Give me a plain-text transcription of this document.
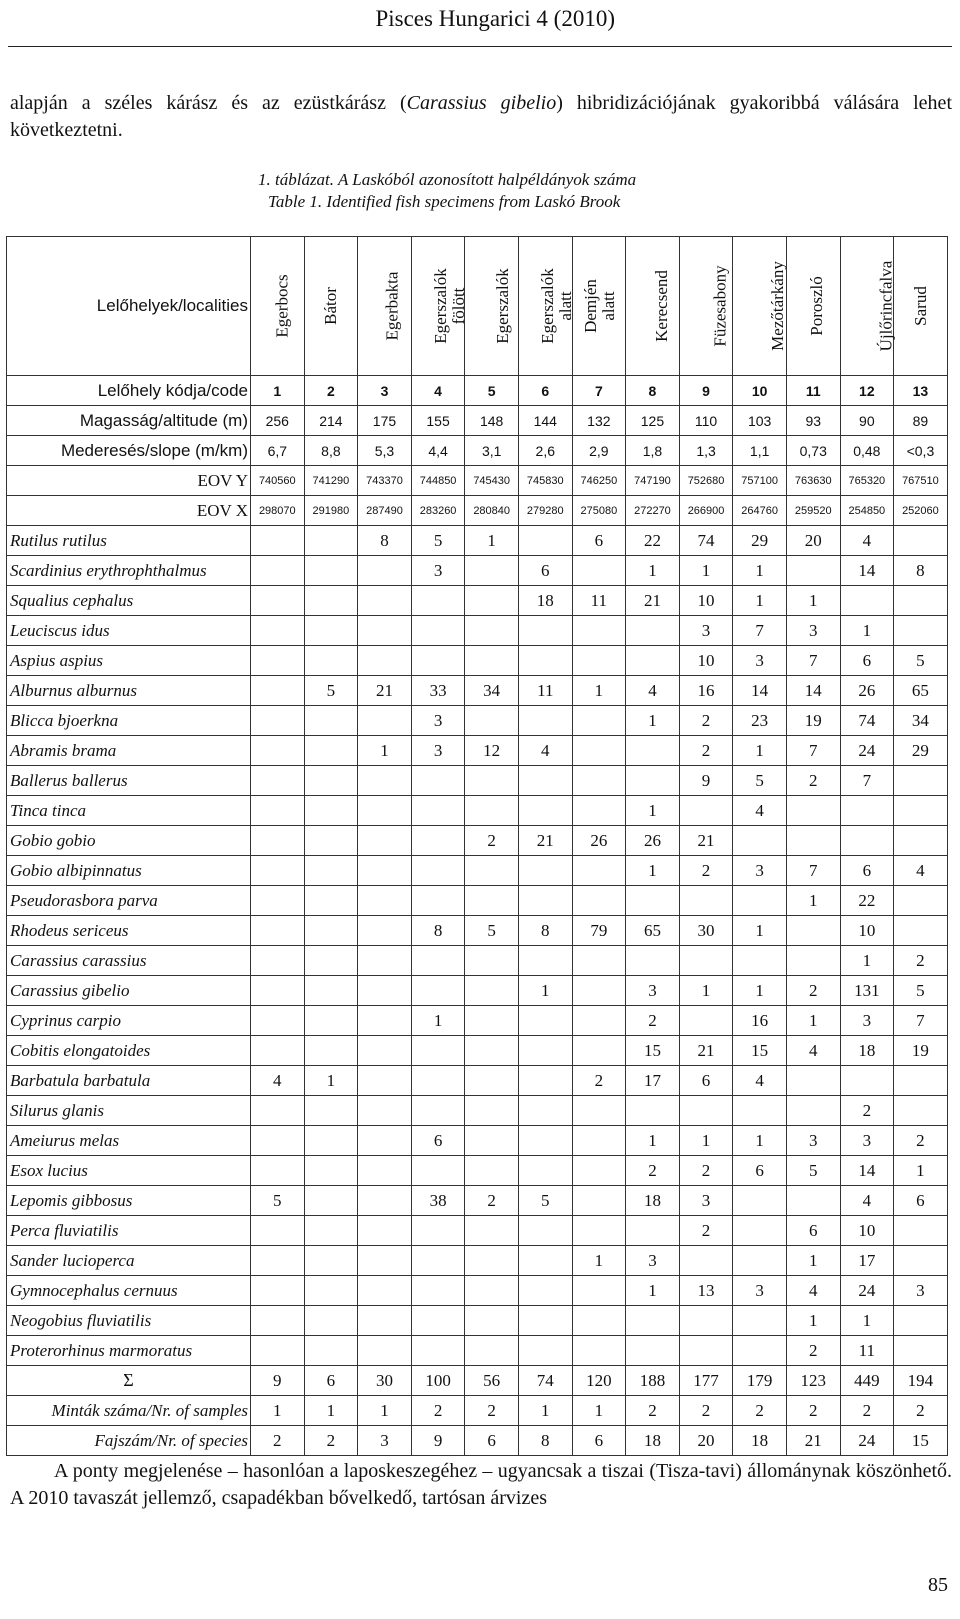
Pisces Hungarici 4 (2010)

alapján a széles kárász és az ezüstkárász (Carassius gibelio) hibridizációjának gyakoribbá válására lehet következtetni.

1. táblázat. A Laskóból azonosított halpéldányok száma
Table 1. Identified fish specimens from Laskó Brook
Lelőhelyek/localities	Egerbocs	Bátor	Egerbakta	Egerszalók fölött	Egerszalók	Egerszalók alatt	Demjén alatt	Kerecsend	Füzesabony	Mezőtárkány	Poroszló	Újlőrincfalva	Sarud

Lelőhely kódja/code	1	2	3	4	5	6	7	8	9	10	11	12	13
Magasság/altitude (m)	256	214	175	155	148	144	132	125	110	103	93	90	89
Mederesés/slope (m/km)	6,7	8,8	5,3	4,4	3,1	2,6	2,9	1,8	1,3	1,1	0,73	0,48	<0,3
EOV Y	740560	741290	743370	744850	745430	745830	746250	747190	752680	757100	763630	765320	767510
EOV X	298070	291980	287490	283260	280840	279280	275080	272270	266900	264760	259520	254850	252060
Rutilus rutilus			8	5	1		6	22	74	29	20	4	
Scardinius erythrophthalmus				3		6		1	1	1		14	8
Squalius cephalus						18	11	21	10	1	1		
Leuciscus idus									3	7	3	1	
Aspius aspius									10	3	7	6	5
Alburnus alburnus		5	21	33	34	11	1	4	16	14	14	26	65
Blicca bjoerkna				3				1	2	23	19	74	34
Abramis brama			1	3	12	4			2	1	7	24	29
Ballerus ballerus									9	5	2	7	
Tinca tinca								1		4			
Gobio gobio					2	21	26	26	21				
Gobio albipinnatus								1	2	3	7	6	4
Pseudorasbora parva											1	22	
Rhodeus sericeus				8	5	8	79	65	30	1		10	
Carassius carassius												1	2
Carassius gibelio						1		3	1	1	2	131	5
Cyprinus carpio				1				2		16	1	3	7
Cobitis elongatoides								15	21	15	4	18	19
Barbatula barbatula	4	1					2	17	6	4			
Silurus glanis												2	
Ameiurus melas				6				1	1	1	3	3	2
Esox lucius								2	2	6	5	14	1
Lepomis gibbosus	5			38	2	5		18	3			4	6
Perca fluviatilis									2		6	10	
Sander lucioperca							1	3			1	17	
Gymnocephalus cernuus								1	13	3	4	24	3
Neogobius fluviatilis											1	1	
Proterorhinus marmoratus											2	11	
Σ	9	6	30	100	56	74	120	188	177	179	123	449	194
Minták száma/Nr. of samples	1	1	1	2	2	1	1	2	2	2	2	2	2
Fajszám/Nr. of species	2	2	3	9	6	8	6	18	20	18	21	24	15

A ponty megjelenése – hasonlóan a laposkeszegéhez – ugyancsak a tiszai (Tisza-tavi) állománynak köszönhető. A 2010 tavaszát jellemző, csapadékban bővelkedő, tartósan árvizes

85
